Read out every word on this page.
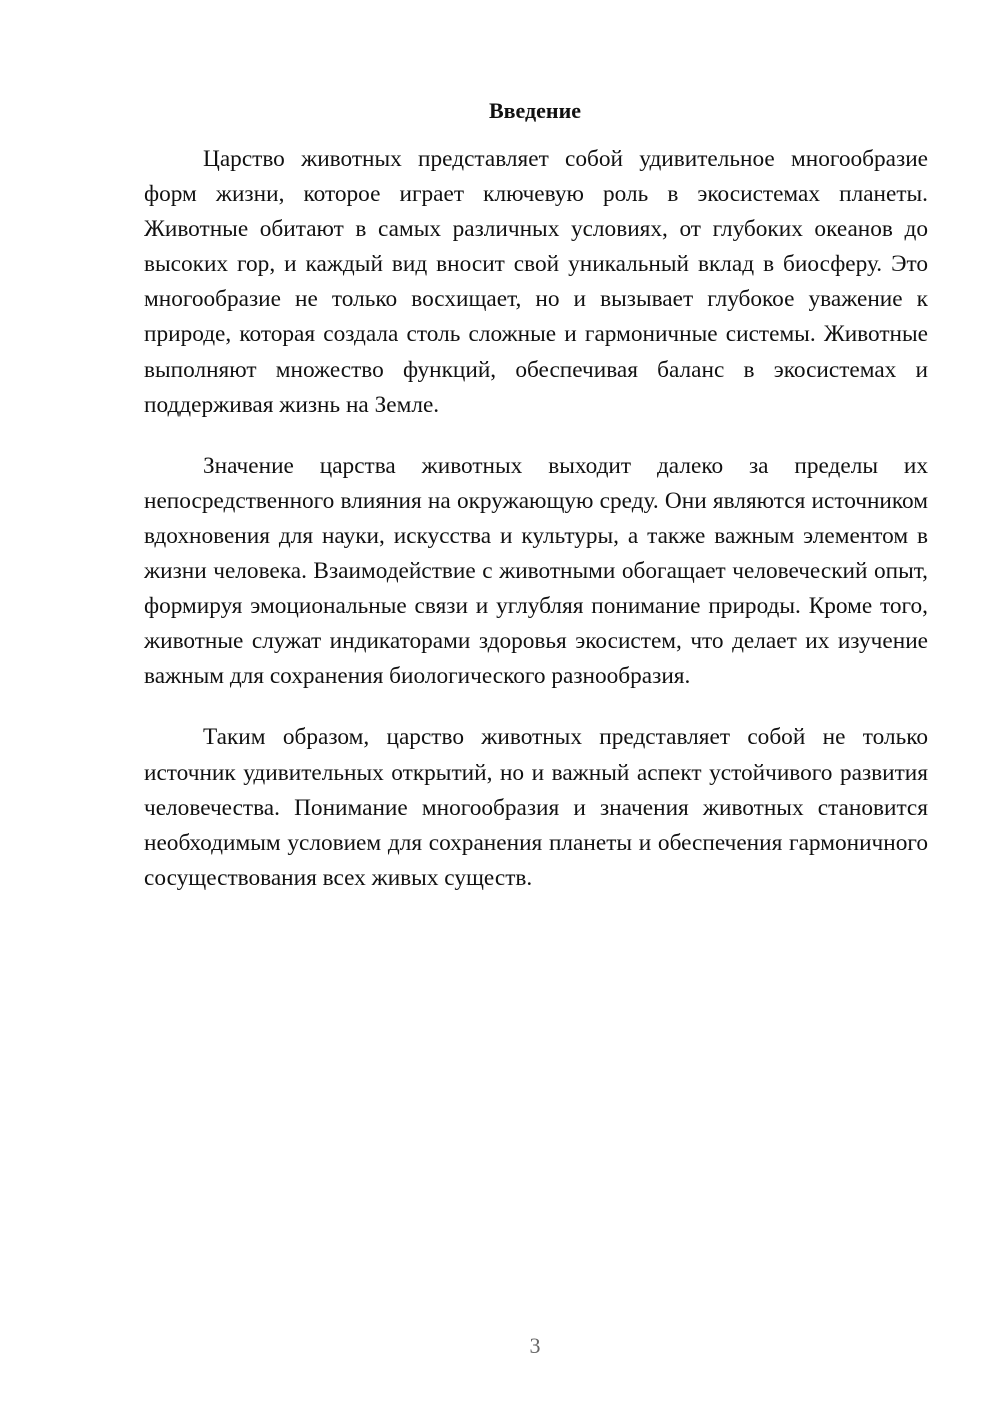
Введение

Царство животных представляет собой удивительное многообразие форм жизни, которое играет ключевую роль в экосистемах планеты. Животные обитают в самых различных условиях, от глубоких океанов до высоких гор, и каждый вид вносит свой уникальный вклад в биосферу. Это многообразие не только восхищает, но и вызывает глубокое уважение к природе, которая создала столь сложные и гармоничные системы. Животные выполняют множество функций, обеспечивая баланс в экосистемах и поддерживая жизнь на Земле.

Значение царства животных выходит далеко за пределы их непосредственного влияния на окружающую среду. Они являются источником вдохновения для науки, искусства и культуры, а также важным элементом в жизни человека. Взаимодействие с животными обогащает человеческий опыт, формируя эмоциональные связи и углубляя понимание природы. Кроме того, животные служат индикаторами здоровья экосистем, что делает их изучение важным для сохранения биологического разнообразия.

Таким образом, царство животных представляет собой не только источник удивительных открытий, но и важный аспект устойчивого развития человечества. Понимание многообразия и значения животных становится необходимым условием для сохранения планеты и обеспечения гармоничного сосуществования всех живых существ.

3
